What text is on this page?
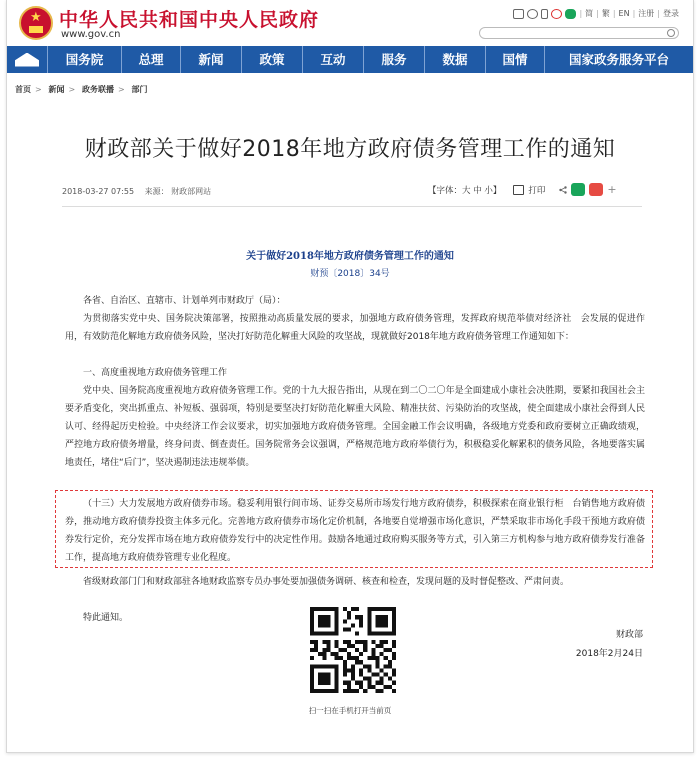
★ 中华人民共和国中央人民政府
www.gov.cn
| 简 | 繁 | EN | 注册 | 登录
国务院	总理	新闻	政策	互动	服务	数据	国情	国家政务服务平台
首页 > 新闻 > 政务联播 > 部门
财政部关于做好2018年地方政府债务管理工作的通知
2018-03-27 07:55 来源： 财政部网站	【字体：大 中 小】	打印	+
关于做好2018年地方政府债务管理工作的通知
财预〔2018〕34号

各省、自治区、直辖市、计划单列市财政厅（局）：

为贯彻落实党中央、国务院决策部署，按照推动高质量发展的要求，加强地方政府债务管理，发挥政府规范举债对经济社　会发展的促进作用，有效防范化解地方政府债务风险，坚决打好防范化解重大风险的攻坚战，现就做好2018年地方政府债务管理工作通知如下：

一、高度重视地方政府债务管理工作

党中央、国务院高度重视地方政府债务管理工作。党的十九大报告指出，从现在到二〇二〇年是全面建成小康社会决胜期，要紧扣我国社会主要矛盾变化，突出抓重点、补短板、强弱项，特别是要坚决打好防范化解重大风险、精准扶贫、污染防治的攻坚战，使全面建成小康社会得到人民认可、经得起历史检验。中央经济工作会议要求，切实加强地方政府债务管理。全国金融工作会议明确，各级地方党委和政府要树立正确政绩观，严控地方政府债务增量，终身问责、倒查责任。国务院常务会议强调，严格规范地方政府举债行为，积极稳妥化解累积的债务风险，各地要落实属地责任，堵住“后门”，坚决遏制违法违规举债。

（十三）大力发展地方政府债券市场。稳妥利用银行间市场、证券交易所市场发行地方政府债券，积极探索在商业银行柜　台销售地方政府债券，推动地方政府债券投资主体多元化。完善地方政府债券市场化定价机制，各地要自觉增强市场化意识，严禁采取非市场化手段干预地方政府债券发行定价，充分发挥市场在地方政府债券发行中的决定性作用。鼓励各地通过政府购买服务等方式，引入第三方机构参与地方政府债券发行准备工作，提高地方政府债券管理专业化程度。

省级财政部门门和财政部驻各地财政监察专员办事处要加强债务调研、核查和检查，发现问题的及时督促整改、严肃问责。

特此通知。

财政部
2018年2月24日
扫一扫在手机打开当前页
